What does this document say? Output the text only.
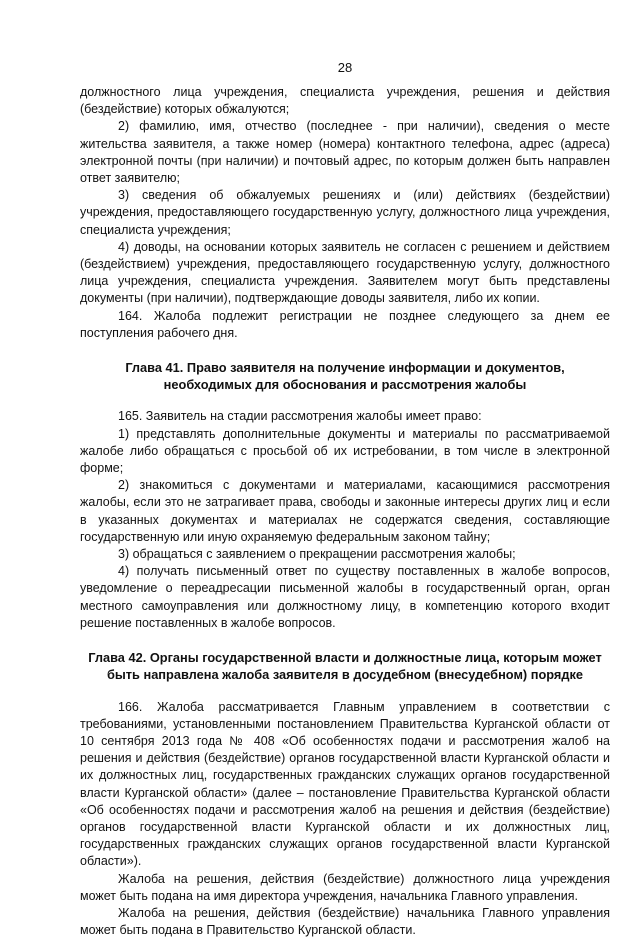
28

должностного лица учреждения, специалиста учреждения, решения и действия (бездействие) которых обжалуются;

2) фамилию, имя, отчество (последнее - при наличии), сведения о месте жительства заявителя, а также номер (номера) контактного телефона, адрес (адреса) электронной почты (при наличии) и почтовый адрес, по которым должен быть направлен ответ заявителю;

3) сведения об обжалуемых решениях и (или) действиях (бездействии) учреждения, предоставляющего государственную услугу, должностного лица учреждения, специалиста учреждения;

4) доводы, на основании которых заявитель не согласен с решением и действием (бездействием) учреждения, предоставляющего государственную услугу, должностного лица учреждения, специалиста учреждения. Заявителем могут быть представлены документы (при наличии), подтверждающие доводы заявителя, либо их копии.

164. Жалоба подлежит регистрации не позднее следующего за днем ее поступления рабочего дня.

Глава 41. Право заявителя на получение информации и документов,
необходимых для обоснования и рассмотрения жалобы

165. Заявитель на стадии рассмотрения жалобы имеет право:

1) представлять дополнительные документы и материалы по рассматриваемой жалобе либо обращаться с просьбой об их истребовании, в том числе в электронной форме;

2) знакомиться с документами и материалами, касающимися рассмотрения жалобы, если это не затрагивает права, свободы и законные интересы других лиц и если в указанных документах и материалах не содержатся сведения, составляющие государственную или иную охраняемую федеральным законом тайну;

3) обращаться с заявлением о прекращении рассмотрения жалобы;

4) получать письменный ответ по существу поставленных в жалобе вопросов, уведомление о переадресации письменной жалобы в государственный орган, орган местного самоуправления или должностному лицу, в компетенцию которого входит решение поставленных в жалобе вопросов.

Глава 42. Органы государственной власти и должностные лица, которым может
быть направлена жалоба заявителя в досудебном (внесудебном) порядке

166. Жалоба рассматривается Главным управлением в соответствии с требованиями, установленными постановлением Правительства Курганской области от 10 сентября 2013 года № 408 «Об особенностях подачи и рассмотрения жалоб на решения и действия (бездействие) органов государственной власти Курганской области и их должностных лиц, государственных гражданских служащих органов государственной власти Курганской области» (далее – постановление Правительства Курганской области «Об особенностях подачи и рассмотрения жалоб на решения и действия (бездействие) органов государственной власти Курганской области и их должностных лиц, государственных гражданских служащих органов государственной власти Курганской области»).

Жалоба на решения, действия (бездействие) должностного лица учреждения может быть подана на имя директора учреждения, начальника Главного управления.

Жалоба на решения, действия (бездействие) начальника Главного управления может быть подана в Правительство Курганской области.
